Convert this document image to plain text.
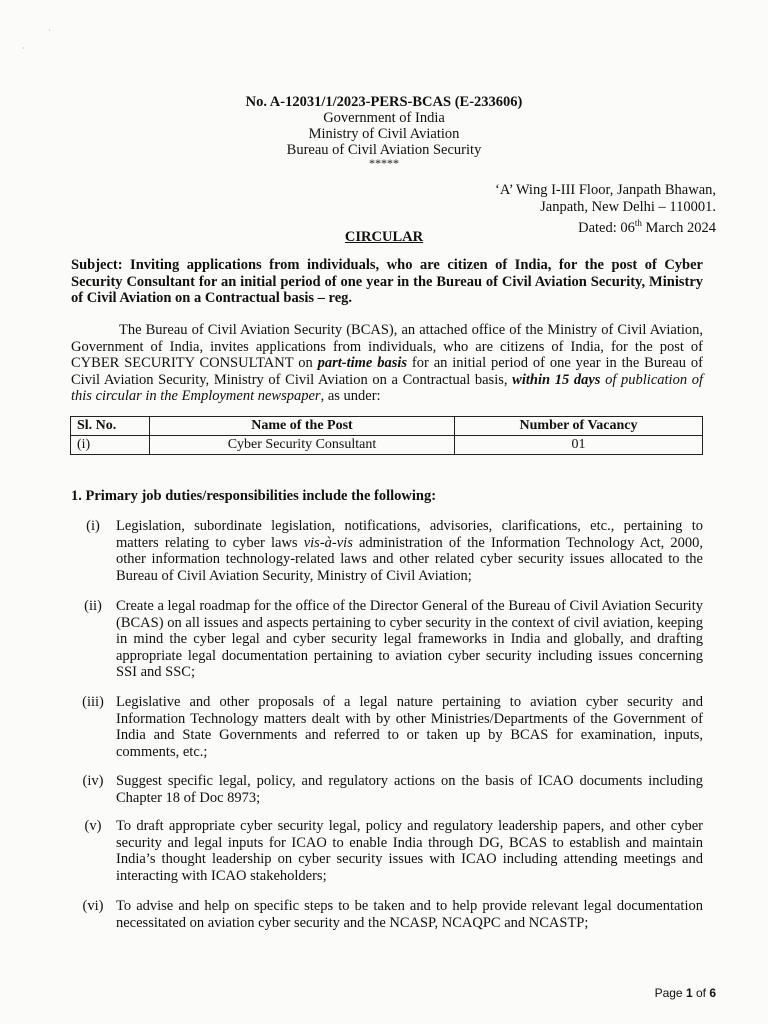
·
·
No. A-12031/1/2023-PERS-BCAS (E-233606)
Government of India
Ministry of Civil Aviation
Bureau of Civil Aviation Security
*****
‘A’ Wing I-III Floor, Janpath Bhawan,
Janpath, New Delhi – 110001.
Dated: 06th March 2024
CIRCULAR
Subject: Inviting applications from individuals, who are citizen of India, for the post of Cyber Security Consultant for an initial period of one year in the Bureau of Civil Aviation Security, Ministry of Civil Aviation on a Contractual basis – reg.
The Bureau of Civil Aviation Security (BCAS), an attached office of the Ministry of Civil Aviation, Government of India, invites applications from individuals, who are citizens of India, for the post of CYBER SECURITY CONSULTANT on part-time basis for an initial period of one year in the Bureau of Civil Aviation Security, Ministry of Civil Aviation on a Contractual basis, within 15 days of publication of this circular in the Employment newspaper, as under:
Sl. No.	Name of the Post	Number of Vacancy
(i)	Cyber Security Consultant	01
1. Primary job duties/responsibilities include the following:
(i)	Legislation, subordinate legislation, notifications, advisories, clarifications, etc., pertaining to matters relating to cyber laws vis-à-vis administration of the Information Technology Act, 2000, other information technology-related laws and other related cyber security issues allocated to the Bureau of Civil Aviation Security, Ministry of Civil Aviation;
(ii) Create a legal roadmap for the office of the Director General of the Bureau of Civil Aviation Security (BCAS) on all issues and aspects pertaining to cyber security in the context of civil aviation, keeping in mind the cyber legal and cyber security legal frameworks in India and globally, and drafting appropriate legal documentation pertaining to aviation cyber security including issues concerning SSI and SSC;
(iii) Legislative and other proposals of a legal nature pertaining to aviation cyber security and Information Technology matters dealt with by other Ministries/Departments of the Government of India and State Governments and referred to or taken up by BCAS for examination, inputs, comments, etc.;
(iv) Suggest specific legal, policy, and regulatory actions on the basis of ICAO documents including Chapter 18 of Doc 8973;
(v)	To draft appropriate cyber security legal, policy and regulatory leadership papers, and other cyber security and legal inputs for ICAO to enable India through DG, BCAS to establish and maintain India’s thought leadership on cyber security issues with ICAO including attending meetings and interacting with ICAO stakeholders;
(vi) To advise and help on specific steps to be taken and to help provide relevant legal documentation necessitated on aviation cyber security and the NCASP, NCAQPC and NCASTP;
Page 1 of 6
